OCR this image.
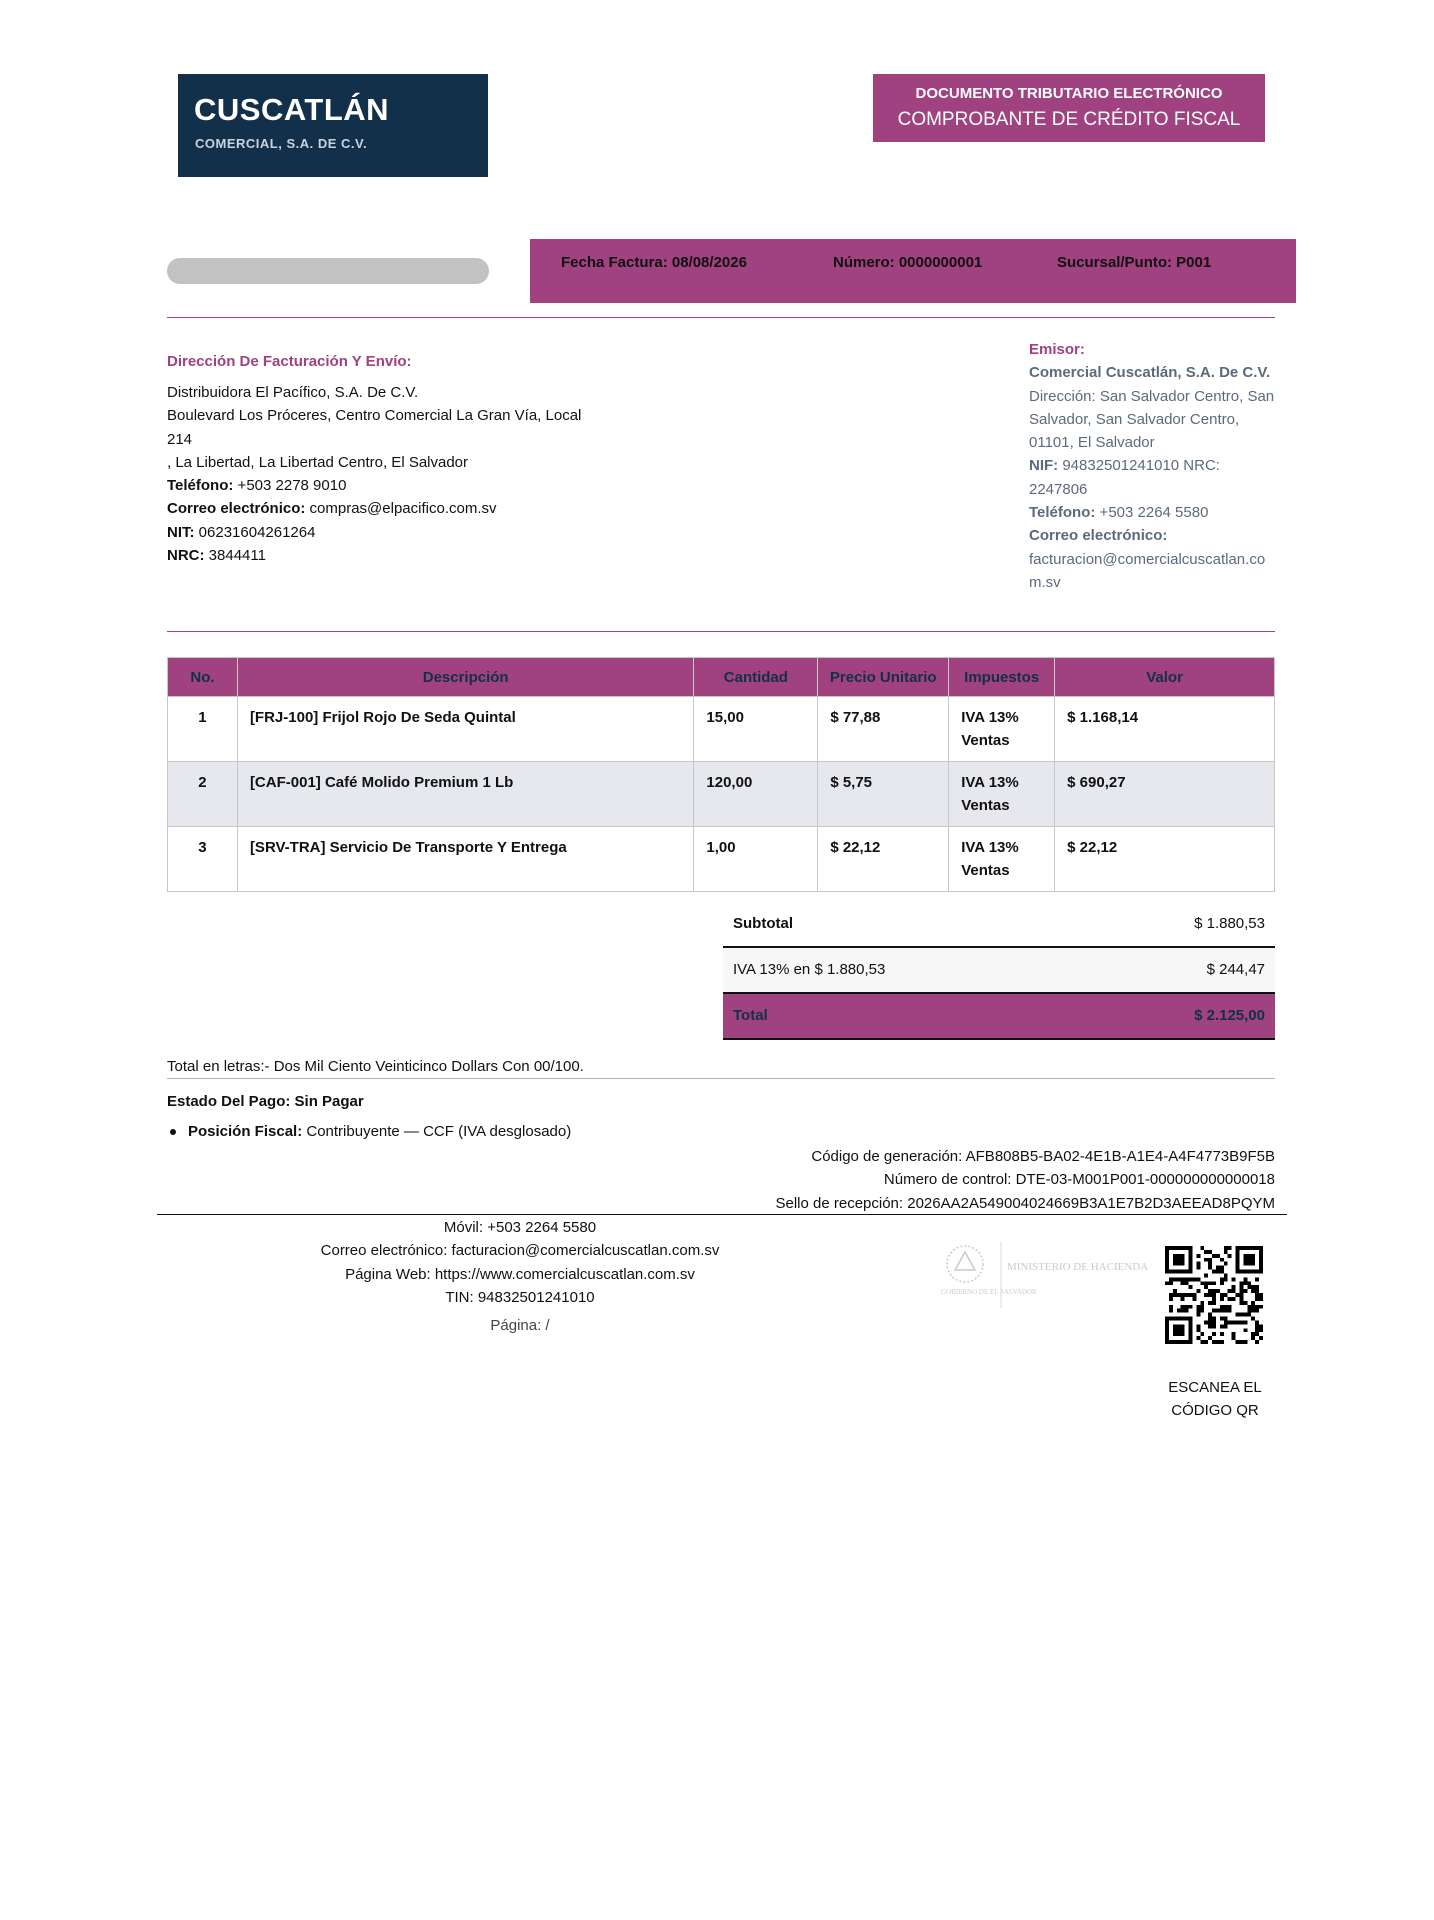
CUSCATLÁN
COMERCIAL, S.A. DE C.V.
DOCUMENTO TRIBUTARIO ELECTRÓNICO
COMPROBANTE DE CRÉDITO FISCAL
Fecha Factura: 08/08/2026	Número: 0000000001	Sucursal/Punto: P001
Dirección De Facturación Y Envío:
Distribuidora El Pacífico, S.A. De C.V.
Boulevard Los Próceres, Centro Comercial La Gran Vía, Local
214
, La Libertad, La Libertad Centro, El Salvador
Teléfono: +503 2278 9010
Correo electrónico: compras@elpacifico.com.sv
NIT: 06231604261264
NRC: 3844411
Emisor:
Comercial Cuscatlán, S.A. De C.V.
Dirección: San Salvador Centro, San Salvador, San Salvador Centro, 01101, El Salvador
NIF: 94832501241010 NRC: 2247806
Teléfono: +503 2264 5580
Correo electrónico:
facturacion@comercialcuscatlan.com.sv
No.	Descripción	Cantidad	Precio Unitario	Impuestos	Valor
1	[FRJ-100] Frijol Rojo De Seda Quintal	15,00	$ 77,88	IVA 13% Ventas	$ 1.168,14
2	[CAF-001] Café Molido Premium 1 Lb	120,00	$ 5,75	IVA 13% Ventas	$ 690,27
3	[SRV-TRA] Servicio De Transporte Y Entrega	1,00	$ 22,12	IVA 13% Ventas	$ 22,12
Subtotal	$ 1.880,53
IVA 13% en $ 1.880,53	$ 244,47
Total	$ 2.125,00
Total en letras:- Dos Mil Ciento Veinticinco Dollars Con 00/100.
Estado Del Pago: Sin Pagar
Posición Fiscal: Contribuyente — CCF (IVA desglosado)
Código de generación: AFB808B5-BA02-4E1B-A1E4-A4F4773B9F5B
Número de control: DTE-03-M001P001-000000000000018
Sello de recepción: 2026AA2A549004024669B3A1E7B2D3AEEAD8PQYM
Móvil: +503 2264 5580
Correo electrónico: facturacion@comercialcuscatlan.com.sv
Página Web: https://www.comercialcuscatlan.com.sv
TIN: 94832501241010
Página: /
GOBIERNO DE EL SALVADOR
MINISTERIO DE HACIENDA
ESCANEA EL
CÓDIGO QR
